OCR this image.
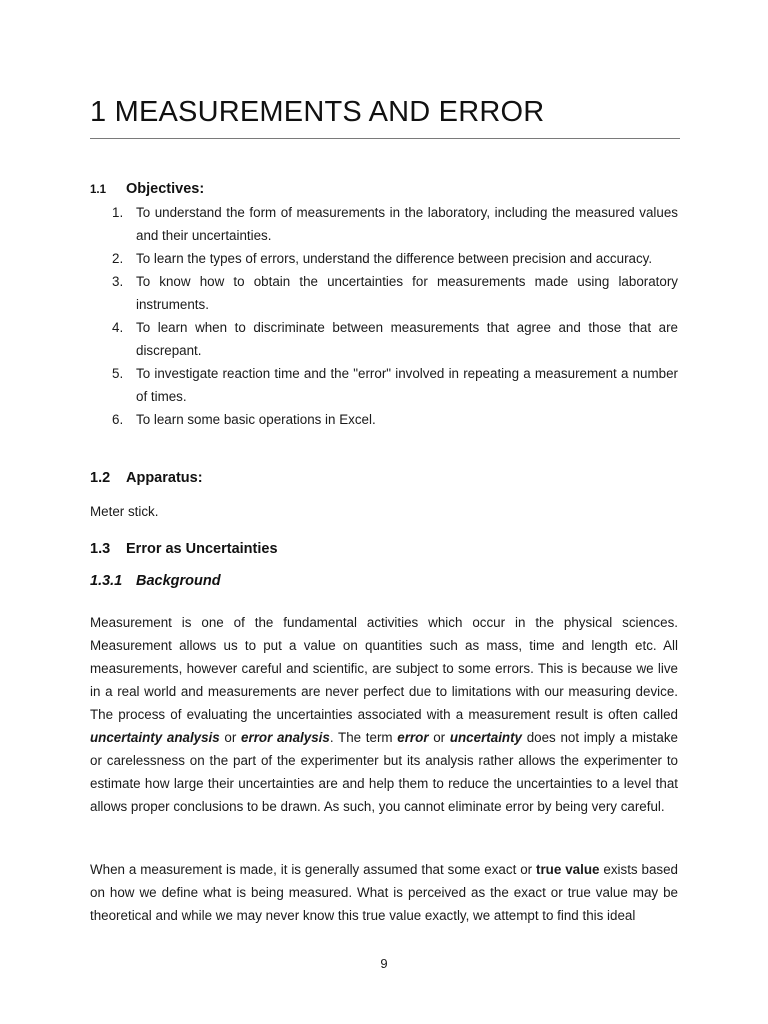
1 MEASUREMENTS AND ERROR
1.1 Objectives:
1. To understand the form of measurements in the laboratory, including the measured values and their uncertainties.
2. To learn the types of errors, understand the difference between precision and accuracy.
3. To know how to obtain the uncertainties for measurements made using laboratory instruments.
4. To learn when to discriminate between measurements that agree and those that are discrepant.
5. To investigate reaction time and the "error" involved in repeating a measurement a number of times.
6. To learn some basic operations in Excel.
1.2 Apparatus:

Meter stick.

1.3 Error as Uncertainties
1.3.1 Background

Measurement is one of the fundamental activities which occur in the physical sciences. Measurement allows us to put a value on quantities such as mass, time and length etc. All measurements, however careful and scientific, are subject to some errors. This is because we live in a real world and measurements are never perfect due to limitations with our measuring device. The process of evaluating the uncertainties associated with a measurement result is often called uncertainty analysis or error analysis. The term error or uncertainty does not imply a mistake or carelessness on the part of the experimenter but its analysis rather allows the experimenter to estimate how large their uncertainties are and help them to reduce the uncertainties to a level that allows proper conclusions to be drawn. As such, you cannot eliminate error by being very careful.

When a measurement is made, it is generally assumed that some exact or true value exists based on how we define what is being measured. What is perceived as the exact or true value may be theoretical and while we may never know this true value exactly, we attempt to find this ideal

9
